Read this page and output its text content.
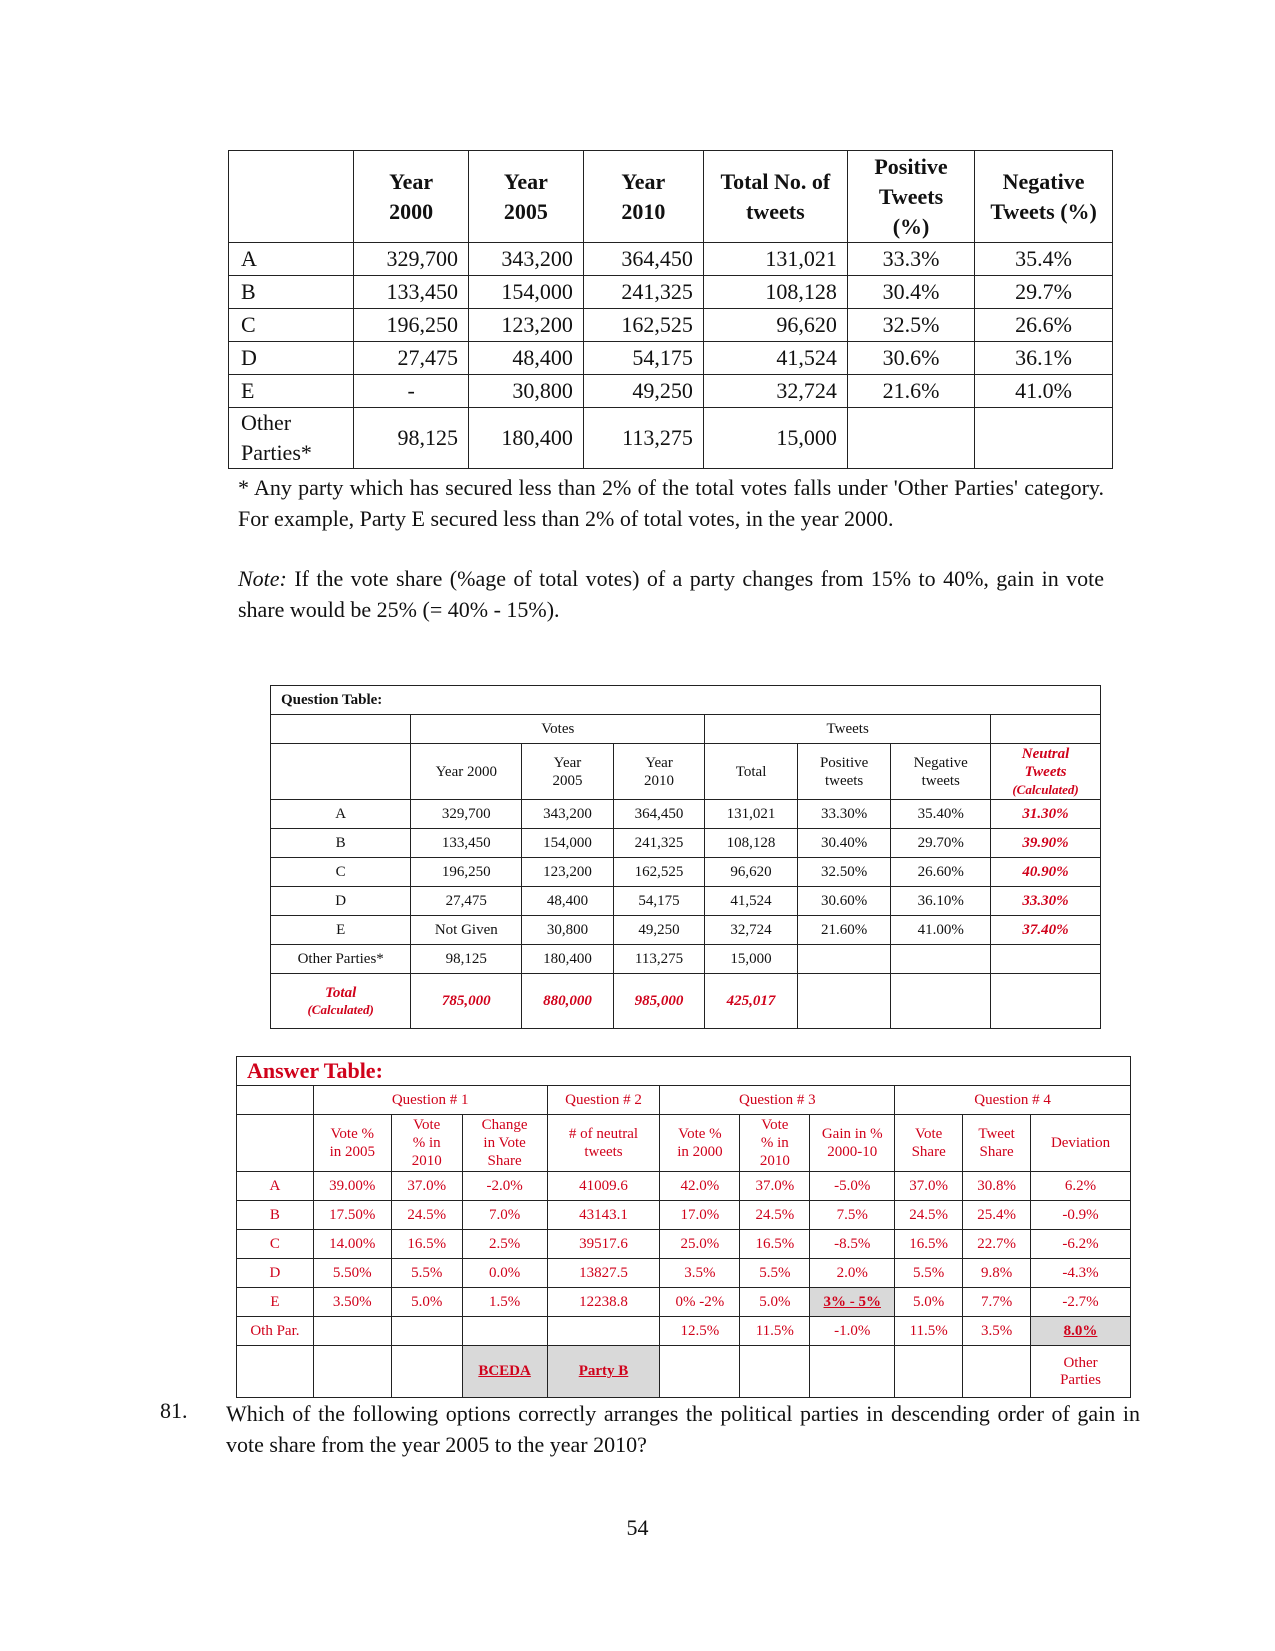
	Year 2000	Year 2005	Year 2010	Total No. of tweets	Positive Tweets (%)	Negative Tweets (%)
A	329,700	343,200	364,450	131,021	33.3%	35.4%
B	133,450	154,000	241,325	108,128	30.4%	29.7%
C	196,250	123,200	162,525	96,620	32.5%	26.6%
D	27,475	48,400	54,175	41,524	30.6%	36.1%
E	-	30,800	49,250	32,724	21.6%	41.0%
Other Parties*	98,125	180,400	113,275	15,000		
* Any party which has secured less than 2% of the total votes falls under 'Other Parties' category. For example, Party E secured less than 2% of total votes, in the year 2000.
Note: If the vote share (%age of total votes) of a party changes from 15% to 40%, gain in vote share would be 25% (= 40% - 15%).
Question Table:							
	Votes			Tweets			
	Year 2000	Year 2005	Year 2010	Total	Positive tweets	Negative tweets	Neutral Tweets
(Calculated)

A	329,700	343,200	364,450	131,021	33.30%	35.40%	31.30%
B	133,450	154,000	241,325	108,128	30.40%	29.70%	39.90%
C	196,250	123,200	162,525	96,620	32.50%	26.60%	40.90%
D	27,475	48,400	54,175	41,524	30.60%	36.10%	33.30%
E	Not Given	30,800	49,250	32,724	21.60%	41.00%	37.40%
Other Parties*	98,125	180,400	113,275	15,000			

Total
(Calculated)	785,000	880,000	985,000	425,017			
Answer Table:										
	Question # 1			Question # 2	Question # 3			Question # 4		
	Vote % in 2005	Vote % in 2010	Change in Vote Share	# of neutral tweets	Vote % in 2000	Vote % in 2010	Gain in % 2000-10	Vote Share	Tweet Share	Deviation
A	39.00%	37.0%	-2.0%	41009.6	42.0%	37.0%	-5.0%	37.0%	30.8%	6.2%
B	17.50%	24.5%	7.0%	43143.1	17.0%	24.5%	7.5%	24.5%	25.4%	-0.9%
C	14.00%	16.5%	2.5%	39517.6	25.0%	16.5%	-8.5%	16.5%	22.7%	-6.2%
D	5.50%	5.5%	0.0%	13827.5	3.5%	5.5%	2.0%	5.5%	9.8%	-4.3%
E	3.50%	5.0%	1.5%	12238.8	0% -2%	5.0%	3% - 5%	5.0%	7.7%	-2.7%
Oth Par.					12.5%	11.5%	-1.0%	11.5%	3.5%	8.0%
			BCEDA	Party B						Other Parties
81. Which of the following options correctly arranges the political parties in descending order of gain in vote share from the year 2005 to the year 2010?
54
